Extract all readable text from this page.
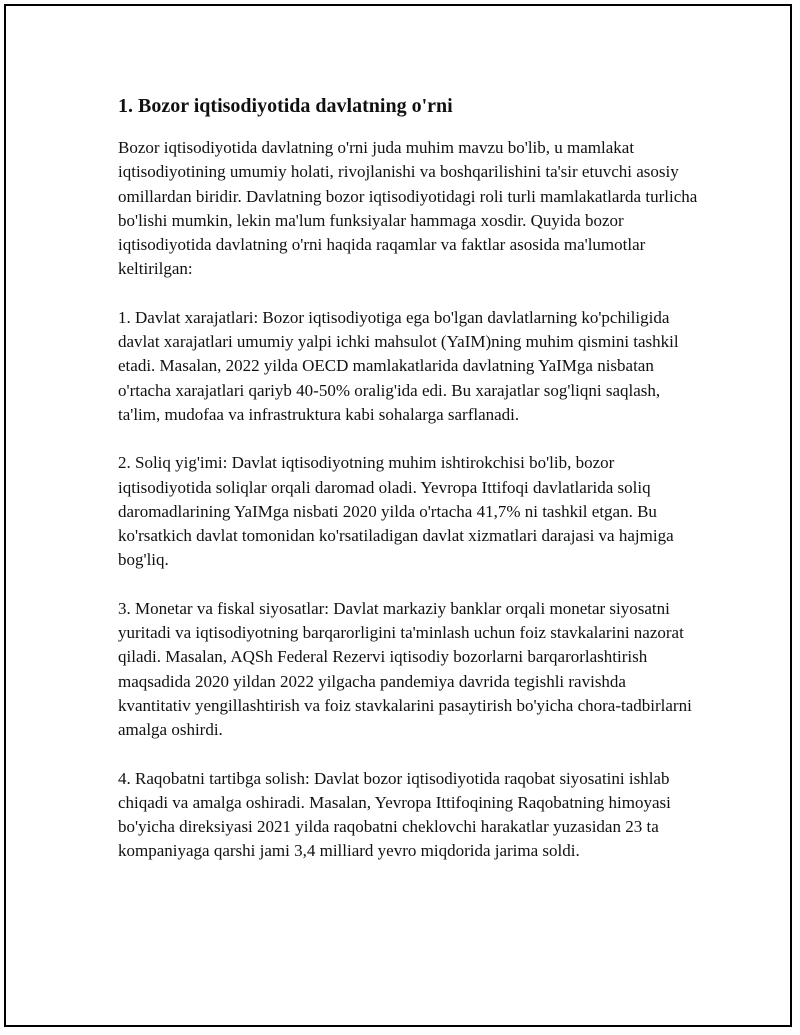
1. Bozor iqtisodiyotida davlatning o'rni

Bozor iqtisodiyotida davlatning o'rni juda muhim mavzu bo'lib, u mamlakat iqtisodiyotining umumiy holati, rivojlanishi va boshqarilishini ta'sir etuvchi asosiy omillardan biridir. Davlatning bozor iqtisodiyotidagi roli turli mamlakatlarda turlicha bo'lishi mumkin, lekin ma'lum funksiyalar hammaga xosdir. Quyida bozor iqtisodiyotida davlatning o'rni haqida raqamlar va faktlar asosida ma'lumotlar keltirilgan:

1. Davlat xarajatlari: Bozor iqtisodiyotiga ega bo'lgan davlatlarning ko'pchiligida davlat xarajatlari umumiy yalpi ichki mahsulot (YaIM)ning muhim qismini tashkil etadi. Masalan, 2022 yilda OECD mamlakatlarida davlatning YaIMga nisbatan o'rtacha xarajatlari qariyb 40-50% oralig'ida edi. Bu xarajatlar sog'liqni saqlash, ta'lim, mudofaa va infrastruktura kabi sohalarga sarflanadi.

2. Soliq yig'imi: Davlat iqtisodiyotning muhim ishtirokchisi bo'lib, bozor iqtisodiyotida soliqlar orqali daromad oladi. Yevropa Ittifoqi davlatlarida soliq daromadlarining YaIMga nisbati 2020 yilda o'rtacha 41,7% ni tashkil etgan. Bu ko'rsatkich davlat tomonidan ko'rsatiladigan davlat xizmatlari darajasi va hajmiga bog'liq.

3. Monetar va fiskal siyosatlar: Davlat markaziy banklar orqali monetar siyosatni yuritadi va iqtisodiyotning barqarorligini ta'minlash uchun foiz stavkalarini nazorat qiladi. Masalan, AQSh Federal Rezervi iqtisodiy bozorlarni barqarorlashtirish maqsadida 2020 yildan 2022 yilgacha pandemiya davrida tegishli ravishda kvantitativ yengillashtirish va foiz stavkalarini pasaytirish bo'yicha chora-tadbirlarni amalga oshirdi.

4. Raqobatni tartibga solish: Davlat bozor iqtisodiyotida raqobat siyosatini ishlab chiqadi va amalga oshiradi. Masalan, Yevropa Ittifoqining Raqobatning himoyasi bo'yicha direksiyasi 2021 yilda raqobatni cheklovchi harakatlar yuzasidan 23 ta kompaniyaga qarshi jami 3,4 milliard yevro miqdorida jarima soldi.
